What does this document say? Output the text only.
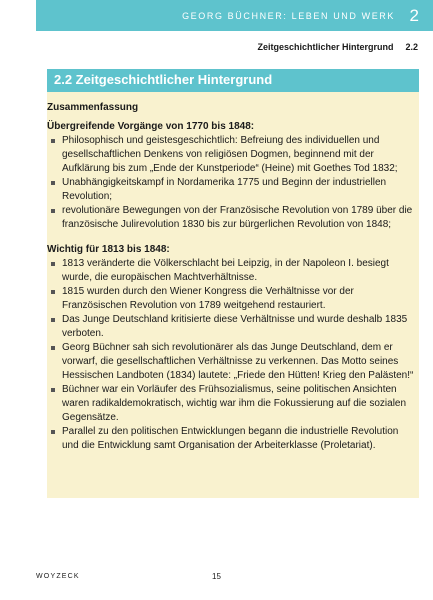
GEORG BÜCHNER: LEBEN UND WERK 2
Zeitgeschichtlicher Hintergrund 2.2
2.2 Zeitgeschichtlicher Hintergrund
Zusammenfassung
Übergreifende Vorgänge von 1770 bis 1848:
Philosophisch und geistesgeschichtlich: Befreiung des individuellen und gesellschaftlichen Denkens von religiösen Dogmen, beginnend mit der Aufklärung bis zum „Ende der Kunstperiode“ (Heine) mit Goethes Tod 1832;
Unabhängigkeitskampf in Nordamerika 1775 und Beginn der industriellen Revolution;
revolutionäre Bewegungen von der Französische Revolution von 1789 über die französische Julirevolution 1830 bis zur bürgerlichen Revolution von 1848;
Wichtig für 1813 bis 1848:
1813 veränderte die Völkerschlacht bei Leipzig, in der Napoleon I. besiegt wurde, die europäischen Machtverhältnisse.
1815 wurden durch den Wiener Kongress die Verhältnisse vor der Französischen Revolution von 1789 weitgehend restauriert.
Das Junge Deutschland kritisierte diese Verhältnisse und wurde deshalb 1835 verboten.
Georg Büchner sah sich revolutionärer als das Junge Deutschland, dem er vorwarf, die gesellschaftlichen Verhältnisse zu verkennen. Das Motto seines Hessischen Landboten (1834) lautete: „Friede den Hütten! Krieg den Palästen!“
Büchner war ein Vorläufer des Frühsozialismus, seine politischen Ansichten waren radikaldemokratisch, wichtig war ihm die Fokussierung auf die sozialen Gegensätze.
Parallel zu den politischen Entwicklungen begann die industrielle Revolution und die Entwicklung samt Organisation der Arbeiterklasse (Proletariat).
WOYZECK	15
